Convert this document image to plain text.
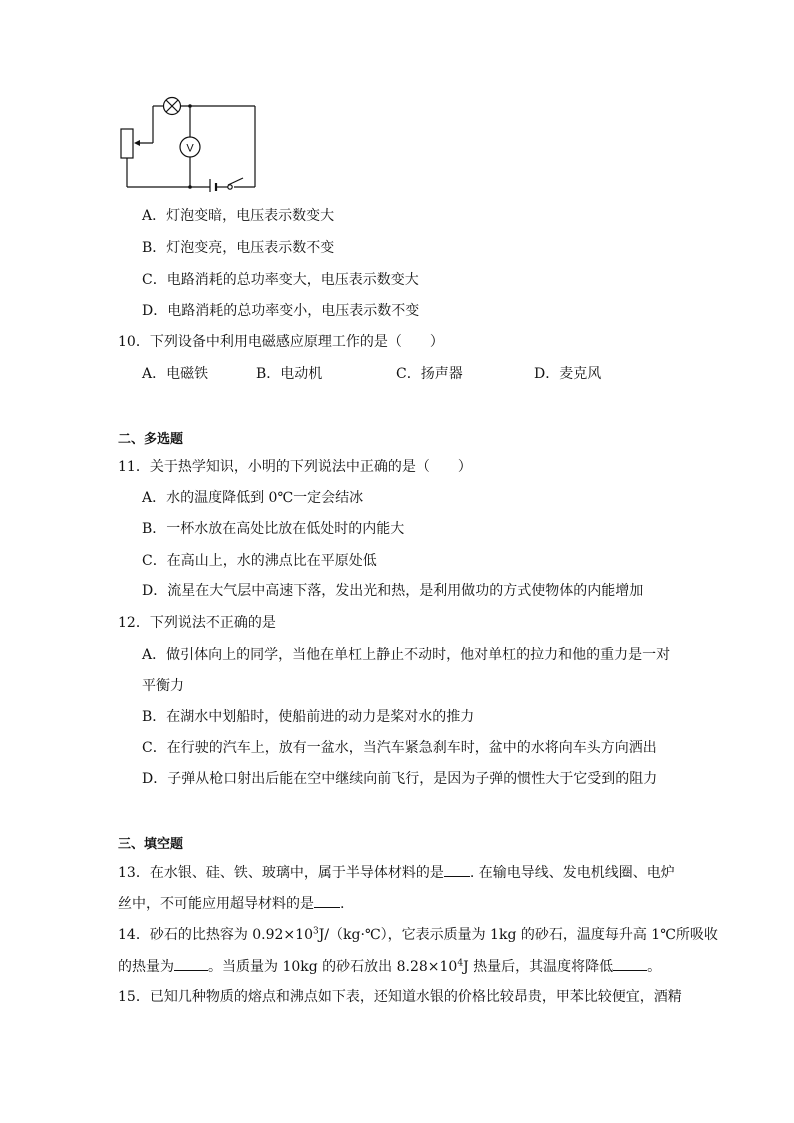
V
A．灯泡变暗，电压表示数变大
B．灯泡变亮，电压表示数不变
C．电路消耗的总功率变大，电压表示数变大
D．电路消耗的总功率变小，电压表示数不变
10．下列设备中利用电磁感应原理工作的是（　　）
A．电磁铁	B．电动机	C．扬声器	D．麦克风
二、多选题
11．关于热学知识，小明的下列说法中正确的是（　　）
A．水的温度降低到 0℃一定会结冰
B．一杯水放在高处比放在低处时的内能大
C．在高山上，水的沸点比在平原处低
D．流星在大气层中高速下落，发出光和热，是利用做功的方式使物体的内能增加
12．下列说法不正确的是
A．做引体向上的同学，当他在单杠上静止不动时，他对单杠的拉力和他的重力是一对
平衡力
B．在湖水中划船时，使船前进的动力是桨对水的推力
C．在行驶的汽车上，放有一盆水，当汽车紧急刹车时，盆中的水将向车头方向洒出
D．子弹从枪口射出后能在空中继续向前飞行，是因为子弹的惯性大于它受到的阻力
三、填空题
13．在水银、硅、铁、玻璃中，属于半导体材料的是 . 在输电导线、发电机线圈、电炉
丝中，不可能应用超导材料的是 .
14．砂石的比热容为 $0.92\times 10^3J/(kg\cdot℃)$，它表示质量为 1kg 的砂石，温度每升高 1℃所吸收
的热量为 。当质量为 10kg 的砂石放出 $8.28\times 10^4J$ 热量后，其温度将降低 。
15．已知几种物质的熔点和沸点如下表，还知道水银的价格比较昂贵，甲苯比较便宜，酒精
